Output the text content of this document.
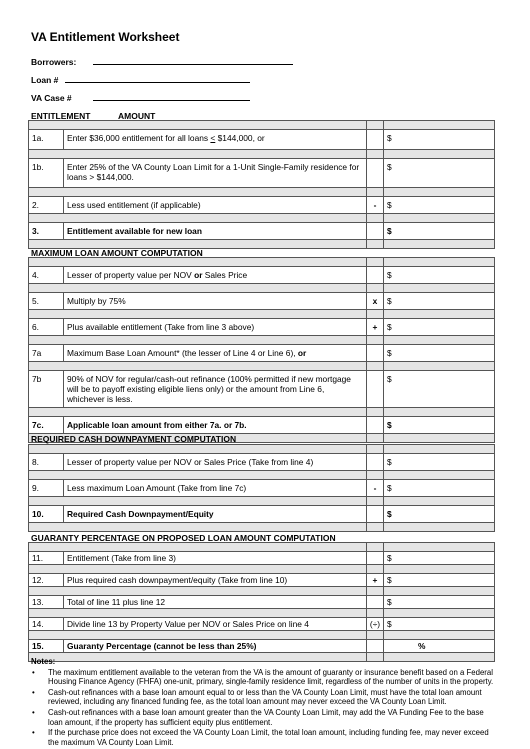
VA Entitlement Worksheet
Borrowers:
Loan #
VA Case #
ENTITLEMENT	AMOUNT

1a.	Enter $36,000 entitlement for all loans < $144,000, or		$

1b.	Enter 25% of the VA County Loan Limit for a 1-Unit Single-Family residence for loans > $144,000.		$

2.	Less used entitlement (if applicable)	-	$

3.	Entitlement available for new loan		$

MAXIMUM LOAN AMOUNT COMPUTATION

4.	Lesser of property value per NOV or Sales Price		$

5.	Multiply by 75%	x	$

6.	Plus available entitlement (Take from line 3 above)	+	$

7a	Maximum Base Loan Amount* (the lesser of Line 4 or Line 6), or		$

7b	90% of NOV for regular/cash-out refinance (100% permitted if new mortgage will be to payoff existing eligible liens only) or the amount from Line 6, whichever is less.		$

7c.	Applicable loan amount from either 7a. or 7b.		$

REQUIRED CASH DOWNPAYMENT COMPUTATION

8.	Lesser of property value per NOV or Sales Price (Take from line 4)		$

9.	Less maximum Loan Amount (Take from line 7c)	-	$

10.	Required Cash Downpayment/Equity		$

GUARANTY PERCENTAGE ON PROPOSED LOAN AMOUNT COMPUTATION

11.	Entitlement (Take from line 3)		$

12.	Plus required cash downpayment/equity (Take from line 10)	+	$

13.	Total of line 11 plus line 12		$

14.	Divide line 13 by Property Value per NOV or Sales Price on line 4	(÷)	$

15.	Guaranty Percentage (cannot be less than 25%)		%

Notes:
• The maximum entitlement available to the veteran from the VA is the amount of guaranty or insurance benefit based on a Federal Housing Finance Agency (FHFA) one-unit, primary, single-family residence limit, regardless of the number of units in the property.
• Cash-out refinances with a base loan amount equal to or less than the VA County Loan Limit, must have the total loan amount reviewed, including any financed funding fee, as the total loan amount may never exceed the VA County Loan Limit.
• Cash-out refinances with a base loan amount greater than the VA County Loan Limit, may add the VA Funding Fee to the base loan amount, if the property has sufficient equity plus entitlement.
• If the purchase price does not exceed the VA County Loan Limit, the total loan amount, including funding fee, may never exceed the maximum VA County Loan Limit.
